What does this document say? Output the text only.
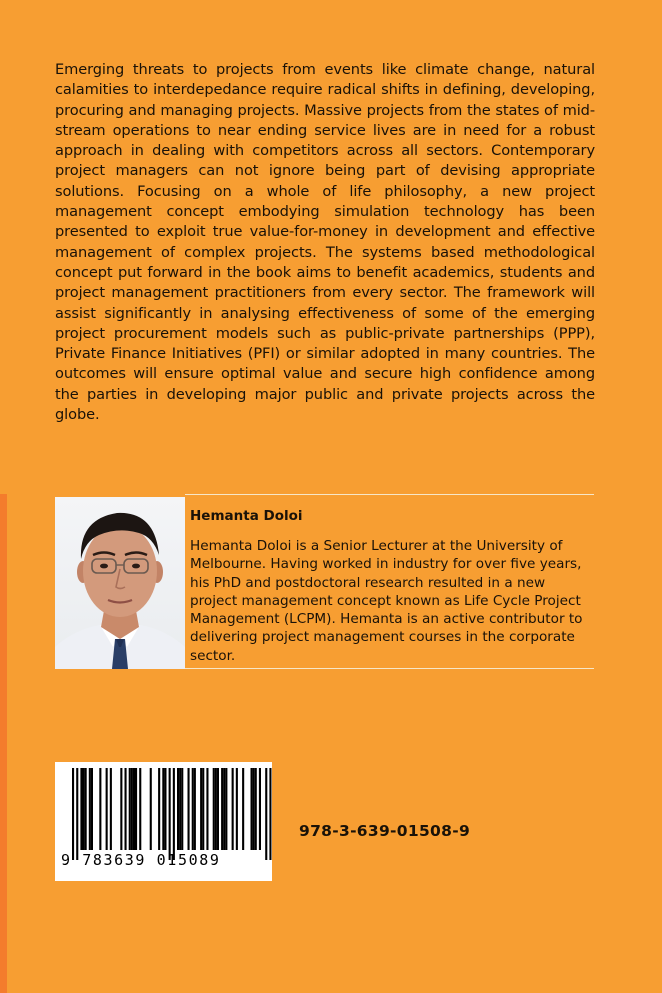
Emerging threats to projects from events like climate change, natural calamities to interdepedance require radical shifts in defining, developing, procuring and managing projects. Massive projects from the states of mid-stream operations to near ending service lives are in need for a robust approach in dealing with competitors across all sectors. Contemporary project managers can not ignore being part of devising appropriate solutions. Focusing on a whole of life philosophy, a new project management concept embodying simulation technology has been presented to exploit true value-for-money in development and effective management of complex projects. The systems based methodological concept put forward in the book aims to benefit academics, students and project management practitioners from every sector. The framework will assist significantly in analysing effectiveness of some of the emerging project procurement models such as public-private partnerships (PPP), Private Finance Initiatives (PFI) or similar adopted in many countries. The outcomes will ensure optimal value and secure high confidence among the parties in developing major public and private projects across the globe.

Hemanta Doloi

Hemanta Doloi is a Senior Lecturer at the University of Melbourne. Having worked in industry for over five years, his PhD and postdoctoral research resulted in a new project management concept known as Life Cycle Project Management (LCPM). Hemanta is an active contributor to delivering project management courses in the corporate sector.

9 783639 015089
978-3-639-01508-9
